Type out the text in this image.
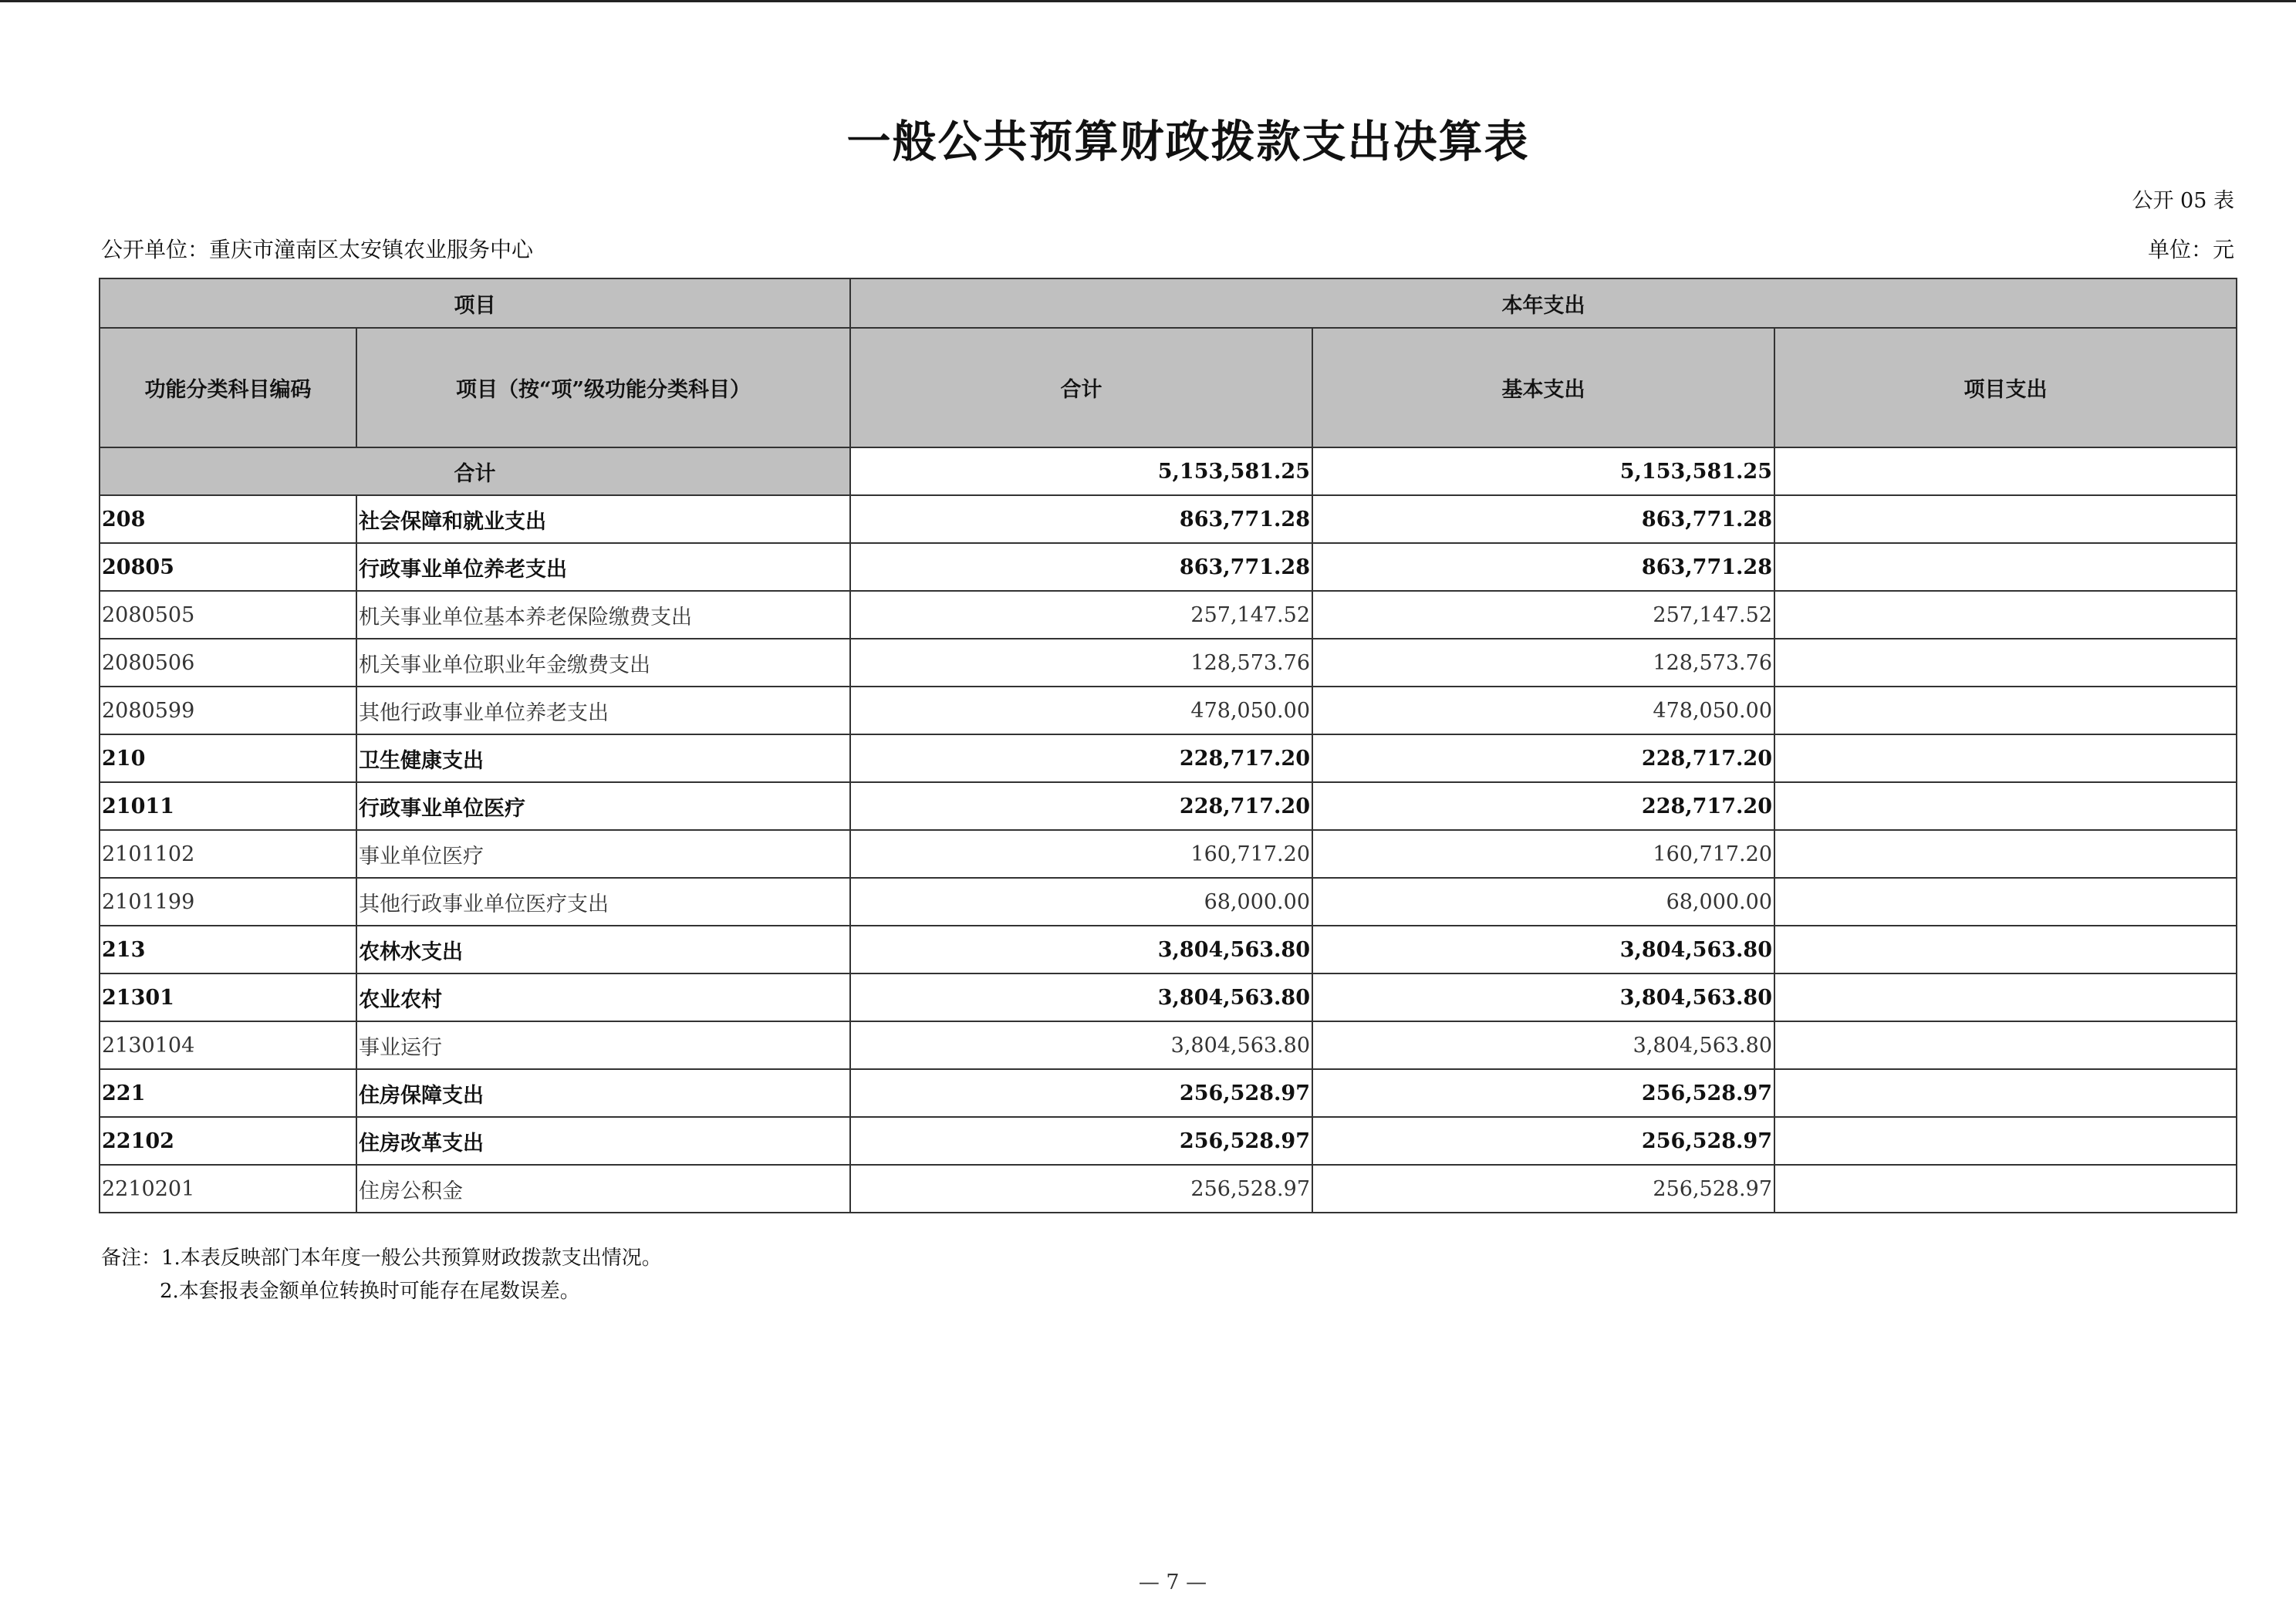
一般公共预算财政拨款支出决算表
公开 05 表
公开单位：重庆市潼南区太安镇农业服务中心	单位：元
项目		本年支出		
功能分类科目编码	项目（按“项”级功能分类科目）	合计	基本支出	项目支出
合计		5,153,581.25	5,153,581.25	
208	社会保障和就业支出	863,771.28	863,771.28	
20805	行政事业单位养老支出	863,771.28	863,771.28	
2080505	机关事业单位基本养老保险缴费支出	257,147.52	257,147.52	
2080506	机关事业单位职业年金缴费支出	128,573.76	128,573.76	
2080599	其他行政事业单位养老支出	478,050.00	478,050.00	
210	卫生健康支出	228,717.20	228,717.20	
21011	行政事业单位医疗	228,717.20	228,717.20	
2101102	事业单位医疗	160,717.20	160,717.20	
2101199	其他行政事业单位医疗支出	68,000.00	68,000.00	
213	农林水支出	3,804,563.80	3,804,563.80	
21301	农业农村	3,804,563.80	3,804,563.80	
2130104	事业运行	3,804,563.80	3,804,563.80	
221	住房保障支出	256,528.97	256,528.97	
22102	住房改革支出	256,528.97	256,528.97	
2210201	住房公积金	256,528.97	256,528.97	
备注：1.本表反映部门本年度一般公共预算财政拨款支出情况。
2.本套报表金额单位转换时可能存在尾数误差。
— 7 —
